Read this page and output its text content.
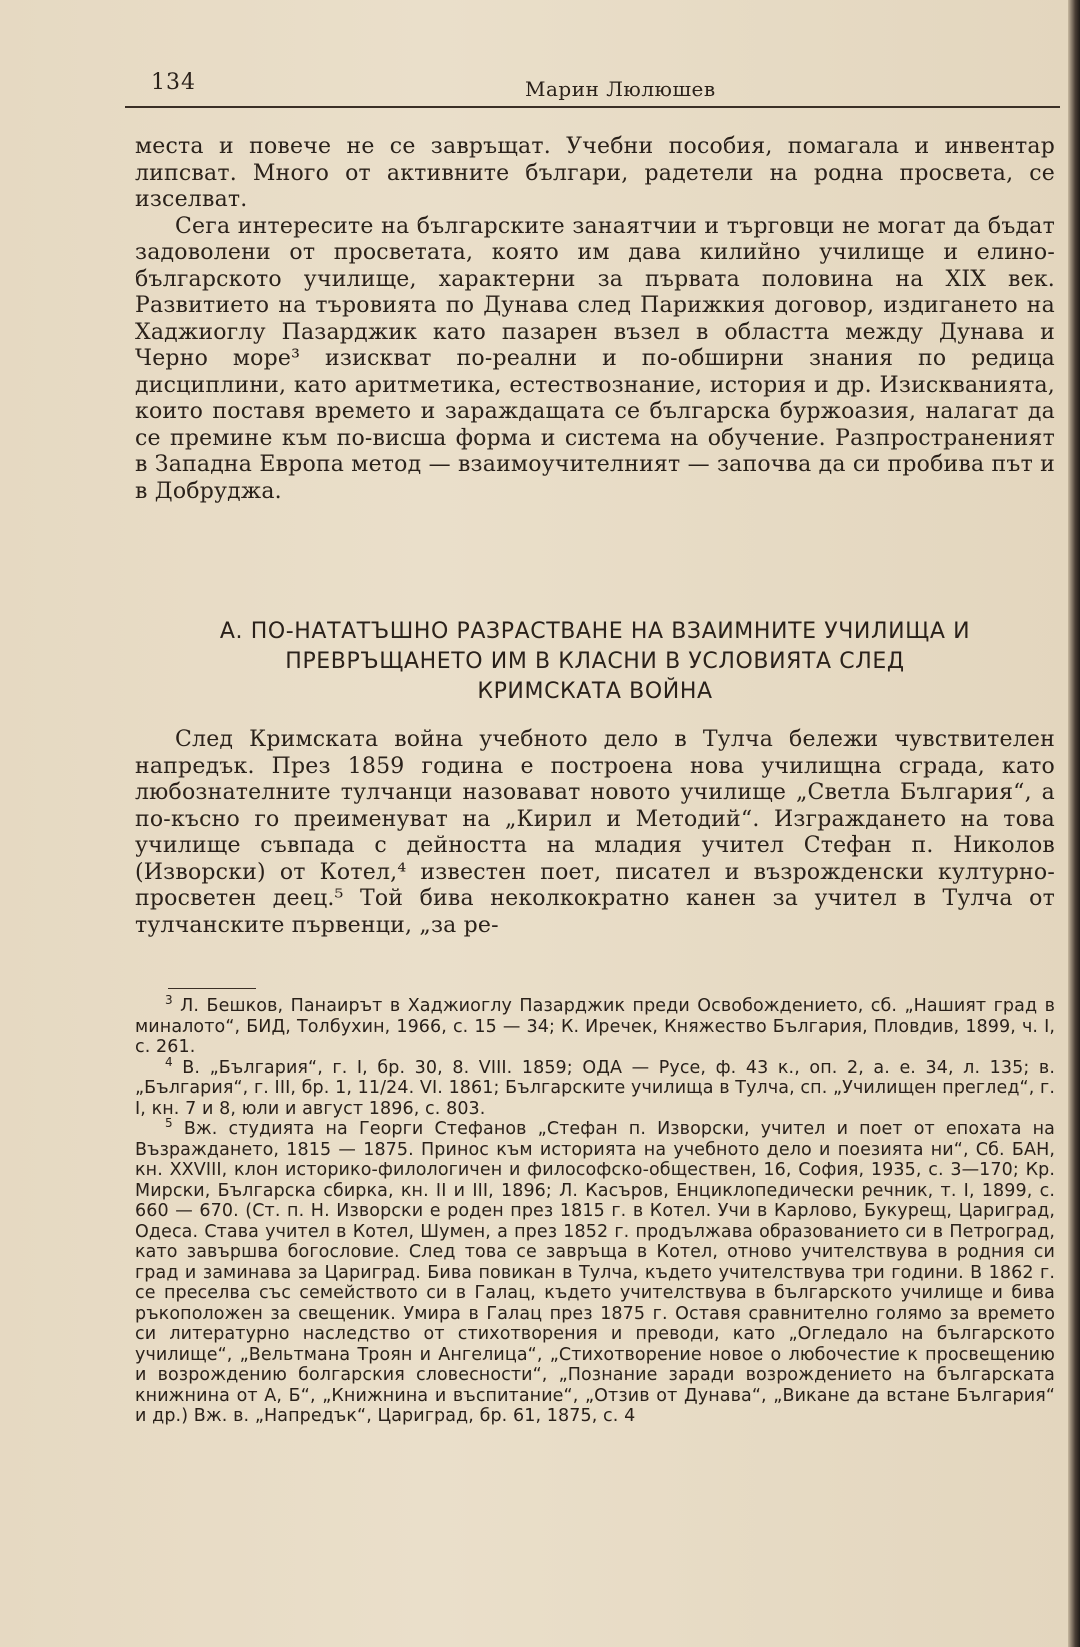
134	Марин Люлюшев

места и повече не се завръщат. Учебни пособия, помагала и инвентар липсват. Много от активните българи, радетели на родна просвета, се изселват.

Сега интересите на българските занаятчии и търговци не могат да бъдат задоволени от просветата, която им дава килийно училище и елино-българското училище, характерни за първата половина на XIX век. Развитието на търовията по Дунава след Парижкия договор, издигането на Хаджиоглу Пазарджик като пазарен възел в областта между Дунава и Черно море³ изискват по-реални и по-обширни знания по редица дисциплини, като аритметика, естествознание, история и др. Изискванията, които поставя времето и зараждащата се българска буржоазия, налагат да се премине към по-висша форма и система на обучение. Разпространеният в Западна Европа метод — взаимоучителният — започва да си пробива път и в Добруджа.

А. ПО-НАТАТЪШНО РАЗРАСТВАНЕ НА ВЗАИМНИТЕ УЧИЛИЩА И
ПРЕВРЪЩАНЕТО ИМ В КЛАСНИ В УСЛОВИЯТА СЛЕД
КРИМСКАТА ВОЙНА

След Кримската война учебното дело в Тулча бележи чувствителен напредък. През 1859 година е построена нова училищна сграда, като любознателните тулчанци назовават новото училище „Светла България“, а по-късно го преименуват на „Кирил и Методий“. Изграждането на това училище съвпада с дейността на младия учител Стефан п. Николов (Изворски) от Котел,⁴ известен поет, писател и възрожденски културно-просветен деец.⁵ Той бива неколкократно канен за учител в Тулча от тулчанските първенци, „за ре-

$^3$ Л. Бешков, Панаирът в Хаджиоглу Пазарджик преди Освобождението, сб. „Нашият град в миналото“, БИД, Толбухин, 1966, с. 15 — 34; К. Иречек, Княжество България, Пловдив, 1899, ч. I, с. 261.

$^4$ В. „България“, г. I, бр. 30, 8. VIII. 1859; ОДА — Русе, ф. 43 к., оп. 2, а. е. 34, л. 135; в. „България“, г. III, бр. 1, 11/24. VI. 1861; Българските училища в Тулча, сп. „Училищен преглед“, г. I, кн. 7 и 8, юли и август 1896, с. 803.

$^5$ Вж. студията на Георги Стефанов „Стефан п. Изворски, учител и поет от епохата на Възраждането, 1815 — 1875. Принос към историята на учебното дело и поезията ни“, Сб. БАН, кн. XXVIII, клон историко-филологичен и философско-обществен, 16, София, 1935, с. 3—170; Кр. Мирски, Българска сбирка, кн. II и III, 1896; Л. Касъров, Енциклопедически речник, т. I, 1899, с. 660 — 670. (Ст. п. Н. Изворски е роден през 1815 г. в Котел. Учи в Карлово, Букурещ, Цариград, Одеса. Става учител в Котел, Шумен, а през 1852 г. продължава образованието си в Петроград, като завършва богословие. След това се завръща в Котел, отново учителствува в родния си град и заминава за Цариград. Бива повикан в Тулча, където учителствува три години. В 1862 г. се преселва със семейството си в Галац, където учителствува в българското училище и бива ръкоположен за свещеник. Умира в Галац през 1875 г. Оставя сравнително голямо за времето си литературно наследство от стихотворения и преводи, като „Огледало на българското училище“, „Вельтмана Троян и Ангелица“, „Стихотворение новое о любочестие к просвещению и возрождению болгарския словесности“, „Познание заради возрождението на българската книжнина от А, Б“, „Книжнина и въспитание“, „Отзив от Дунава“, „Викане да встане България“ и др.) Вж. в. „Напредък“, Цариград, бр. 61, 1875, с. 4
